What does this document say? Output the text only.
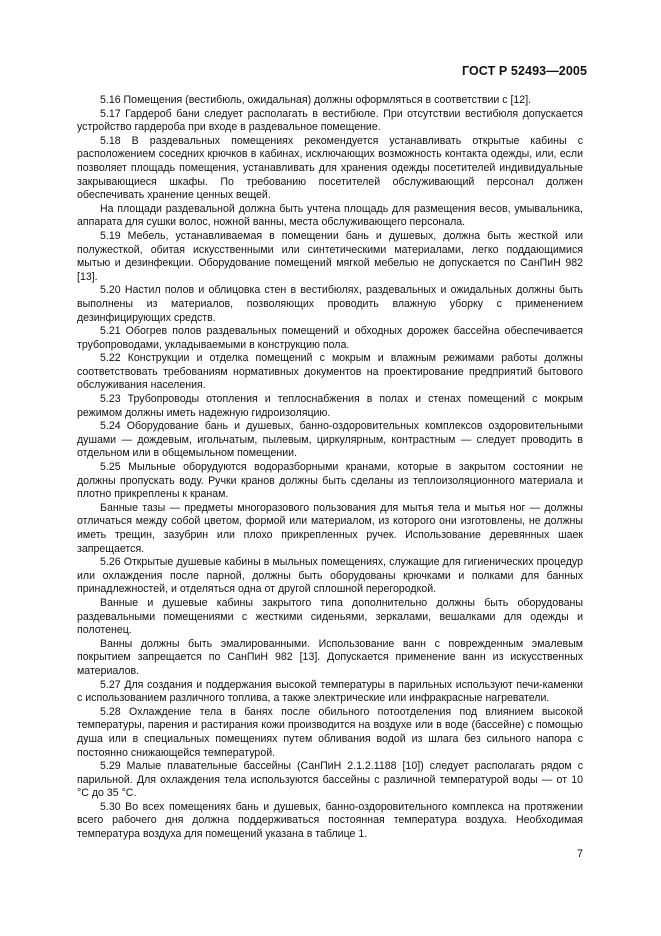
ГОСТ Р 52493—2005

5.16 Помещения (вестибюль, ожидальная) должны оформляться в соответствии с [12].

5.17 Гардероб бани следует располагать в вестибюле. При отсутствии вестибюля допускается устройство гардероба при входе в раздевальное помещение.

5.18 В раздевальных помещениях рекомендуется устанавливать открытые кабины с расположением соседних крючков в кабинах, исключающих возможность контакта одежды, или, если позволяет площадь помещения, устанавливать для хранения одежды посетителей индивидуальные закрывающиеся шкафы. По требованию посетителей обслуживающий персонал должен обеспечивать хранение ценных вещей.

На площади раздевальной должна быть учтена площадь для размещения весов, умывальника, аппарата для сушки волос, ножной ванны, места обслуживающего персонала.

5.19 Мебель, устанавливаемая в помещении бань и душевых, должна быть жесткой или полужесткой, обитая искусственными или синтетическими материалами, легко поддающимися мытью и дезинфекции. Оборудование помещений мягкой мебелью не допускается по СанПиН 982 [13].

5.20 Настил полов и облицовка стен в вестибюлях, раздевальных и ожидальных должны быть выполнены из материалов, позволяющих проводить влажную уборку с применением дезинфицирующих средств.

5.21 Обогрев полов раздевальных помещений и обходных дорожек бассейна обеспечивается трубопроводами, укладываемыми в конструкцию пола.

5.22 Конструкции и отделка помещений с мокрым и влажным режимами работы должны соответствовать требованиям нормативных документов на проектирование предприятий бытового обслуживания населения.

5.23 Трубопроводы отопления и теплоснабжения в полах и стенах помещений с мокрым режимом должны иметь надежную гидроизоляцию.

5.24 Оборудование бань и душевых, банно-оздоровительных комплексов оздоровительными душами — дождевым, игольчатым, пылевым, циркулярным, контрастным — следует проводить в отдельном или в общемыльном помещении.

5.25 Мыльные оборудуются водоразборными кранами, которые в закрытом состоянии не должны пропускать воду. Ручки кранов должны быть сделаны из теплоизоляционного материала и плотно прикреплены к кранам.

Банные тазы — предметы многоразового пользования для мытья тела и мытья ног — должны отличаться между собой цветом, формой или материалом, из которого они изготовлены, не должны иметь трещин, зазубрин или плохо прикрепленных ручек. Использование деревянных шаек запрещается.

5.26 Открытые душевые кабины в мыльных помещениях, служащие для гигиенических процедур или охлаждения после парной, должны быть оборудованы крючками и полками для банных принадлежностей, и отделяться одна от другой сплошной перегородкой.

Ванные и душевые кабины закрытого типа дополнительно должны быть оборудованы раздевальными помещениями с жесткими сиденьями, зеркалами, вешалками для одежды и полотенец.

Ванны должны быть эмалированными. Использование ванн с поврежденным эмалевым покрытием запрещается по СанПиН 982 [13]. Допускается применение ванн из искусственных материалов.

5.27 Для создания и поддержания высокой температуры в парильных используют печи-каменки с использованием различного топлива, а также электрические или инфракрасные нагреватели.

5.28 Охлаждение тела в банях после обильного потоотделения под влиянием высокой температуры, парения и растирания кожи производится на воздухе или в воде (бассейне) с помощью душа или в специальных помещениях путем обливания водой из шлага без сильного напора с постоянно снижающейся температурой.

5.29 Малые плавательные бассейны (СанПиН 2.1.2.1188 [10]) следует располагать рядом с парильной. Для охлаждения тела используются бассейны с различной температурой воды — от 10 °С до 35 °С.

5.30 Во всех помещениях бань и душевых, банно-оздоровительного комплекса на протяжении всего рабочего дня должна поддерживаться постоянная температура воздуха. Необходимая температура воздуха для помещений указана в таблице 1.

7
